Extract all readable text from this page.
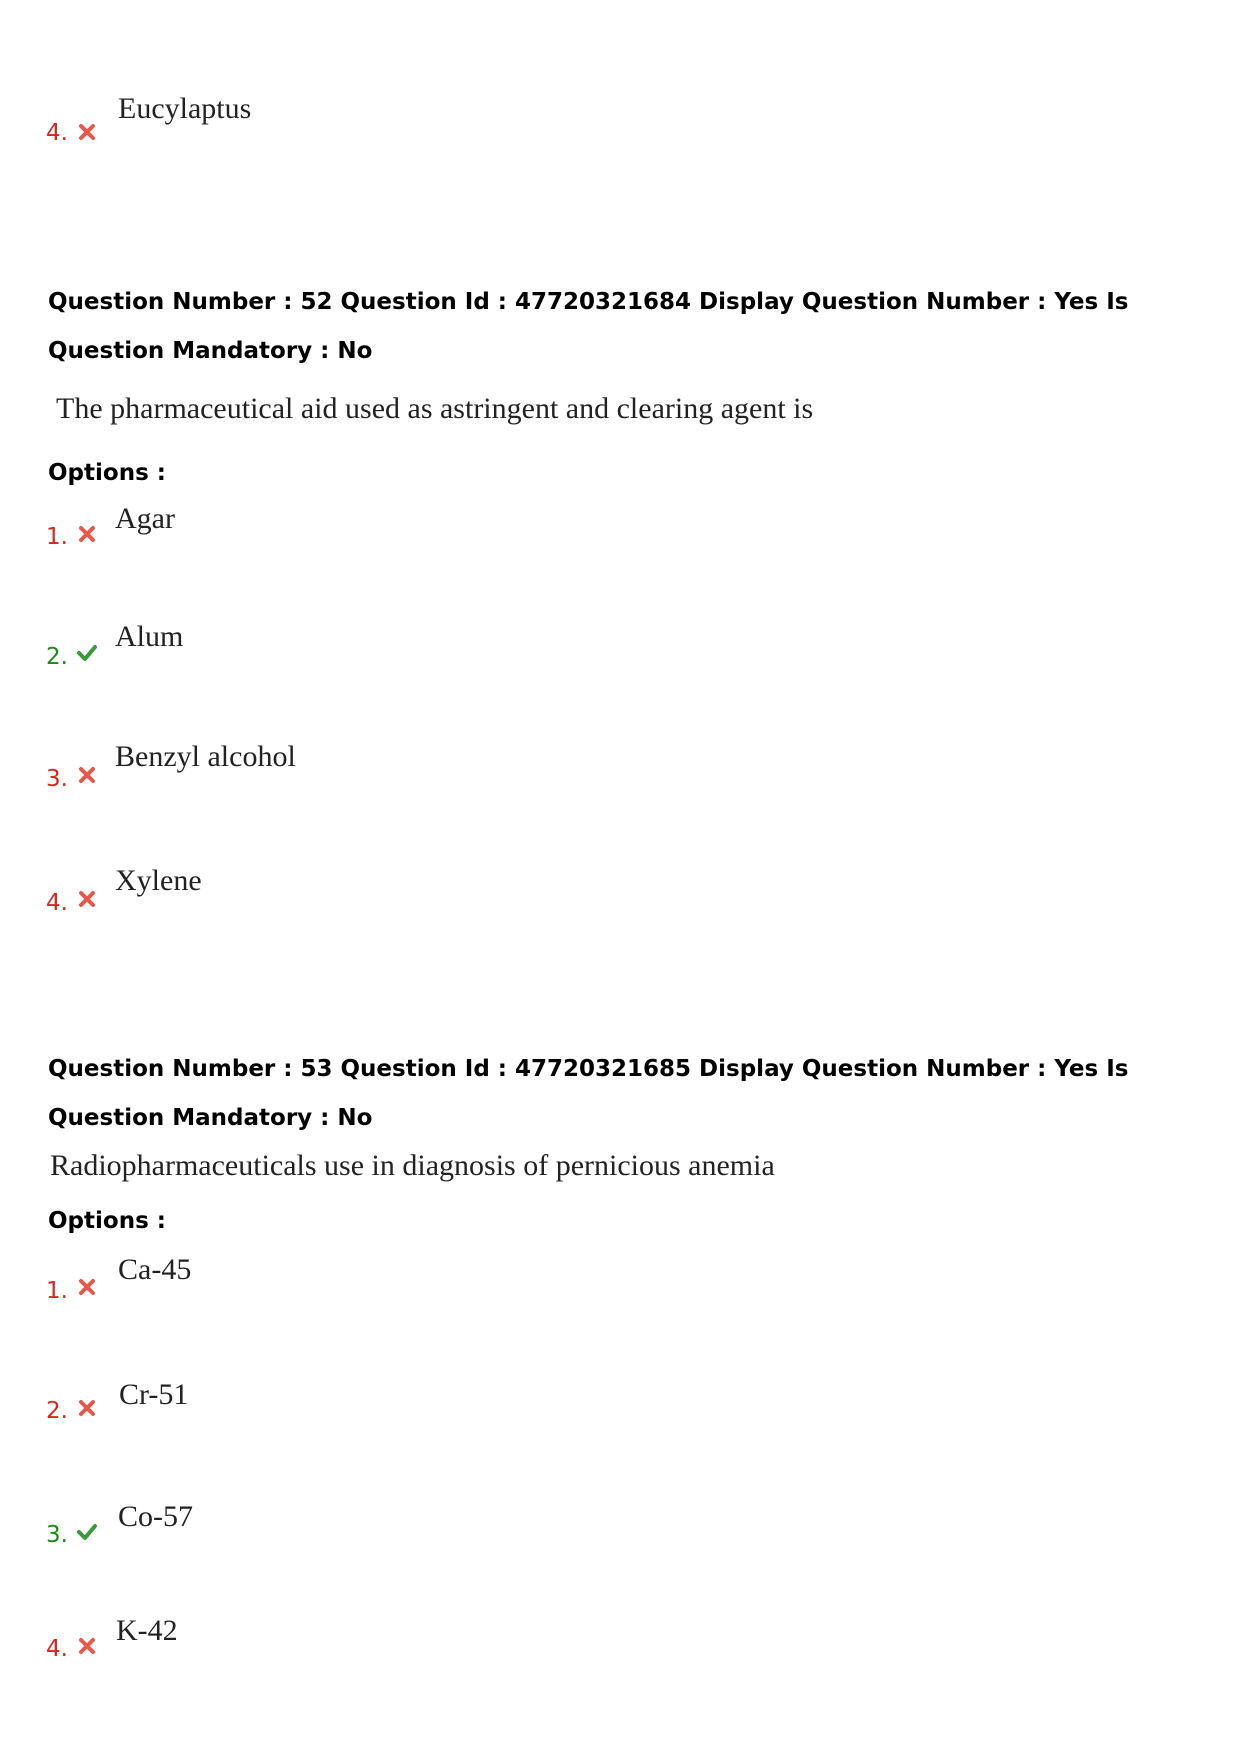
4.
Eucylaptus

Question Number : 52 Question Id : 47720321684 Display Question Number : Yes Is Question Mandatory : No

The pharmaceutical aid used as astringent and clearing agent is
Options :
1.
Agar
2.
Alum
3.
Benzyl alcohol
4.
Xylene

Question Number : 53 Question Id : 47720321685 Display Question Number : Yes Is Question Mandatory : No

Radiopharmaceuticals use in diagnosis of pernicious anemia
Options :
1.
Ca-45
2. Cr-51
3.
Co-57
4.
K-42
